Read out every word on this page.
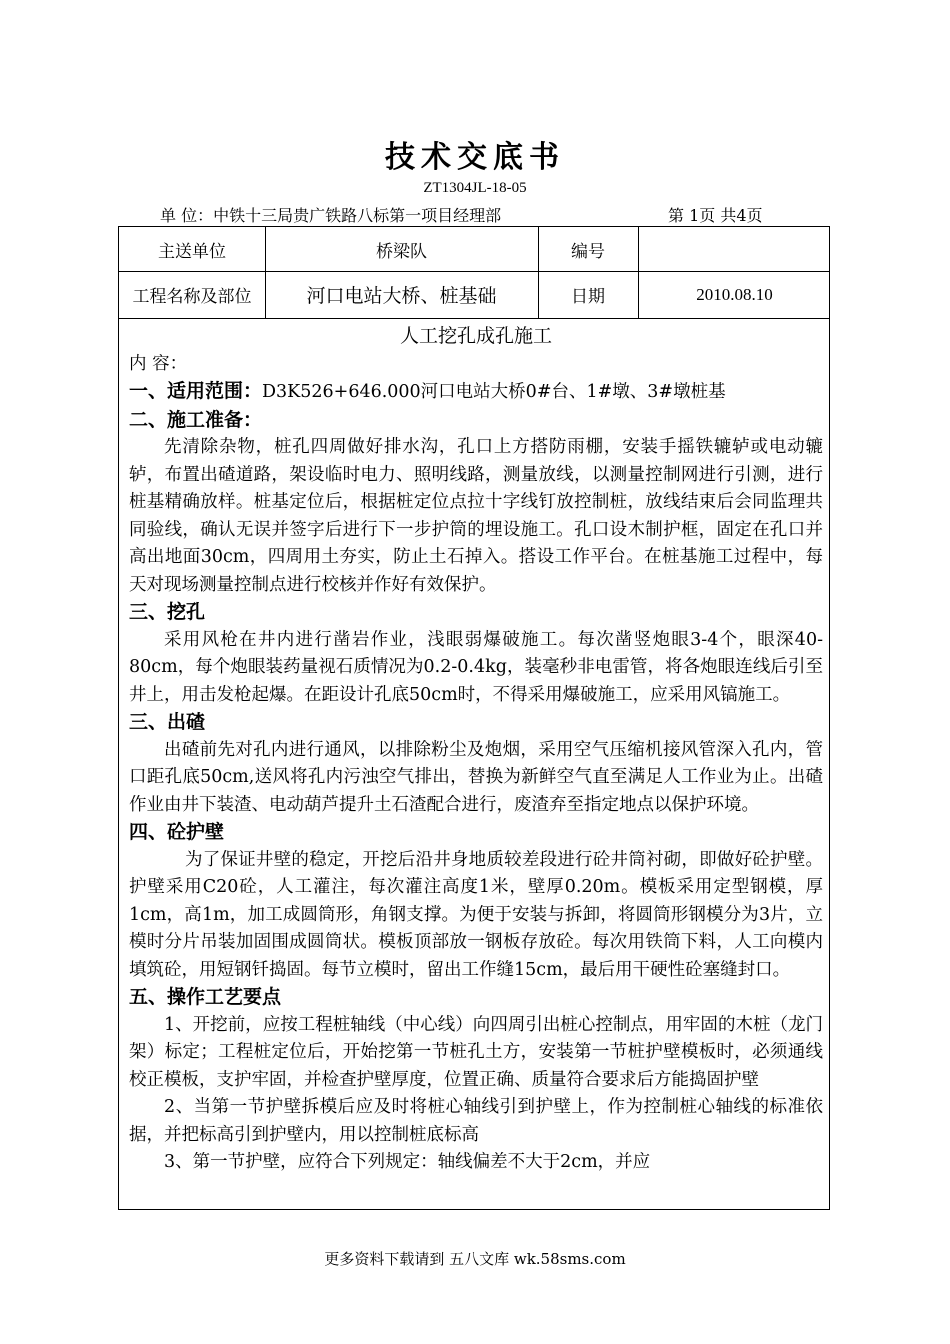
技术交底书
ZT1304JL-18-05
单 位：中铁十三局贵广铁路八标第一项目经理部	第 1页 共4页
主送单位	桥梁队	编号
工程名称及部位	河口电站大桥、桩基础	日期	2010.08.10
人工挖孔成孔施工

内 容：

一、适用范围：D3K526+646.000河口电站大桥0#台、1#墩、3#墩桩基

二、施工准备：

先清除杂物，桩孔四周做好排水沟，孔口上方搭防雨棚，安装手摇铁辘轳或电动辘轳，布置出碴道路，架设临时电力、照明线路，测量放线，以测量控制网进行引测，进行桩基精确放样。桩基定位后，根据桩定位点拉十字线钉放控制桩，放线结束后会同监理共同验线，确认无误并签字后进行下一步护筒的埋设施工。孔口设木制护框，固定在孔口并高出地面30cm，四周用土夯实，防止土石掉入。搭设工作平台。在桩基施工过程中，每天对现场测量控制点进行校核并作好有效保护。

三、挖孔

采用风枪在井内进行凿岩作业，浅眼弱爆破施工。每次凿竖炮眼3-4个，眼深40-80cm，每个炮眼装药量视石质情况为0.2-0.4kg，装毫秒非电雷管，将各炮眼连线后引至井上，用击发枪起爆。在距设计孔底50cm时，不得采用爆破施工，应采用风镐施工。

三、出碴

出碴前先对孔内进行通风，以排除粉尘及炮烟，采用空气压缩机接风管深入孔内，管口距孔底50cm,送风将孔内污浊空气排出，替换为新鲜空气直至满足人工作业为止。出碴作业由井下装渣、电动葫芦提升土石渣配合进行，废渣弃至指定地点以保护环境。

四、砼护壁

为了保证井壁的稳定，开挖后沿井身地质较差段进行砼井筒衬砌，即做好砼护壁。护壁采用C20砼，人工灌注，每次灌注高度1米，壁厚0.20m。模板采用定型钢模，厚1cm，高1m，加工成圆筒形，角钢支撑。为便于安装与拆卸，将圆筒形钢模分为3片，立模时分片吊装加固围成圆筒状。模板顶部放一钢板存放砼。每次用铁筒下料，人工向模内填筑砼，用短钢钎捣固。每节立模时，留出工作缝15cm，最后用干硬性砼塞缝封口。

五、操作工艺要点

1、开挖前，应按工程桩轴线（中心线）向四周引出桩心控制点，用牢固的木桩（龙门架）标定；工程桩定位后，开始挖第一节桩孔土方，安装第一节桩护壁模板时，必须通线校正模板，支护牢固，并检查护壁厚度，位置正确、质量符合要求后方能捣固护壁

2、当第一节护壁拆模后应及时将桩心轴线引到护壁上，作为控制桩心轴线的标准依据，并把标高引到护壁内，用以控制桩底标高

3、第一节护壁，应符合下列规定：轴线偏差不大于2cm，并应

更多资料下载请到 五八文库 wk.58sms.com
